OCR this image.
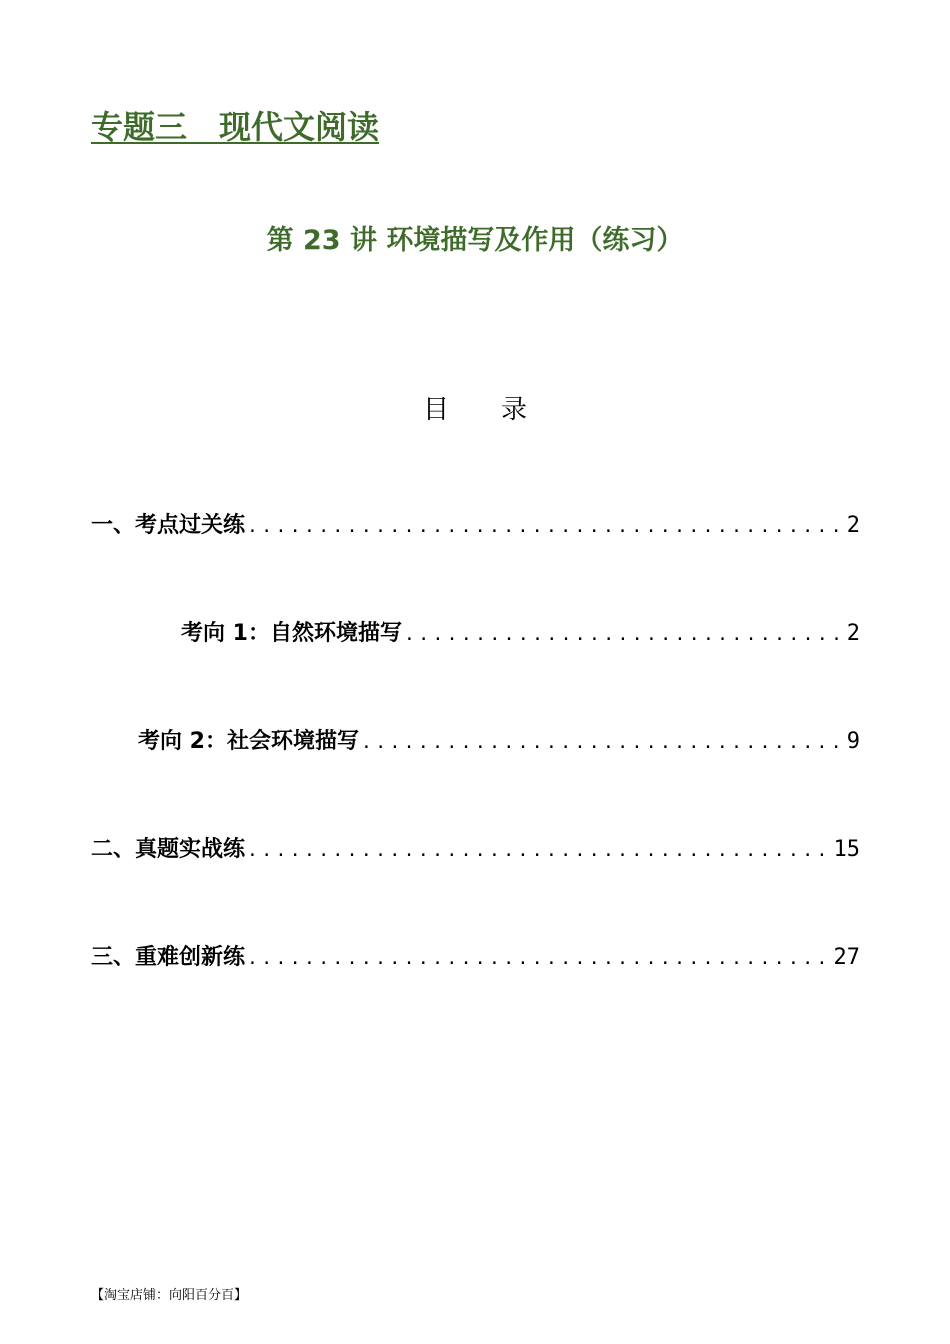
专题三　现代文阅读
第 23 讲 环境描写及作用（练习）
目　　录
一、考点过关练 .....	2
考向 1：自然环境描写 .....	2
考向 2：社会环境描写 .....	9
二、真题实战练 .....	15
三、重难创新练 .....	27
【淘宝店铺：向阳百分百】
